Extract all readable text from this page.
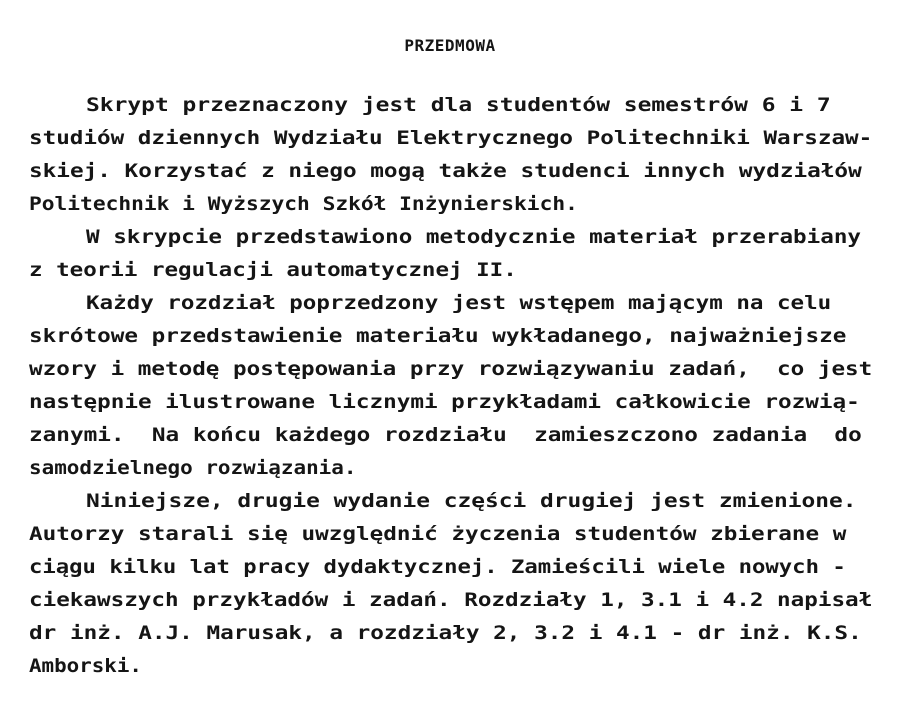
PRZEDMOWA
Skrypt przeznaczony jest dla studentów semestrów 6 i 7
studiów dziennych Wydziału Elektrycznego Politechniki Warszaw-
skiej. Korzystać z niego mogą także studenci innych wydziałów
Politechnik i Wyższych Szkół Inżynierskich.
W skrypcie przedstawiono metodycznie materiał przerabiany
z teorii regulacji automatycznej II.
Każdy rozdział poprzedzony jest wstępem mającym na celu
skrótowe przedstawienie materiału wykładanego, najważniejsze
wzory i metodę postępowania przy rozwiązywaniu zadań,  co jest
następnie ilustrowane licznymi przykładami całkowicie rozwią-
zanymi.  Na końcu każdego rozdziału  zamieszczono zadania  do
samodzielnego rozwiązania.
Niniejsze, drugie wydanie części drugiej jest zmienione.
Autorzy starali się uwzględnić życzenia studentów zbierane w
ciągu kilku lat pracy dydaktycznej. Zamieścili wiele nowych -
ciekawszych przykładów i zadań. Rozdziały 1, 3.1 i 4.2 napisał
dr inż. A.J. Marusak, a rozdziały 2, 3.2 i 4.1 - dr inż. K.S.
Amborski.
